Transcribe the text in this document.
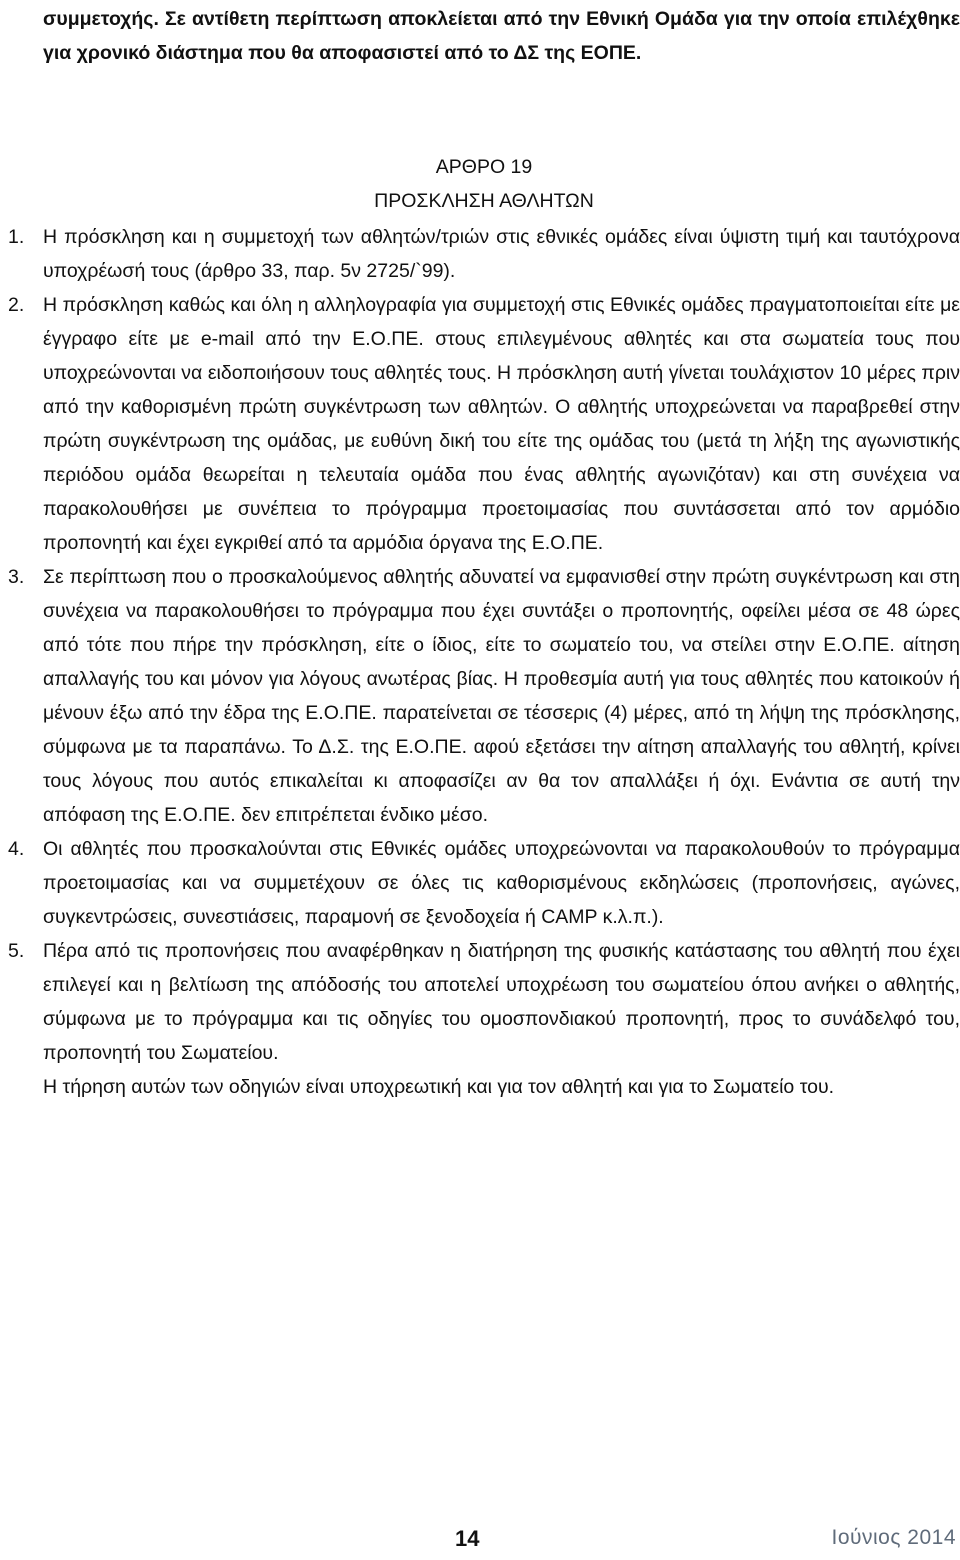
συμμετοχής. Σε αντίθετη περίπτωση αποκλείεται από την Εθνική Ομάδα για την οποία επιλέχθηκε για χρονικό διάστημα που θα αποφασιστεί από το ΔΣ της ΕΟΠΕ.

ΑΡΘΡΟ 19

ΠΡΟΣΚΛΗΣΗ ΑΘΛΗΤΩΝ

1. Η πρόσκληση και η συμμετοχή των αθλητών/τριών στις εθνικές ομάδες είναι ύψιστη τιμή και ταυτόχρονα υποχρέωσή τους (άρθρο 33, παρ. 5ν 2725/`99).

2. Η πρόσκληση καθώς και όλη η αλληλογραφία για συμμετοχή στις Εθνικές ομάδες πραγματοποιείται είτε με έγγραφο είτε με e-mail από την Ε.Ο.ΠΕ. στους επιλεγμένους αθλητές και στα σωματεία τους που υποχρεώνονται να ειδοποιήσουν τους αθλητές τους. Η πρόσκληση αυτή γίνεται τουλάχιστον 10 μέρες πριν από την καθορισμένη πρώτη συγκέντρωση των αθλητών. Ο αθλητής υποχρεώνεται να παραβρεθεί στην πρώτη συγκέντρωση της ομάδας, με ευθύνη δική του είτε της ομάδας του (μετά τη λήξη της αγωνιστικής περιόδου ομάδα θεωρείται η τελευταία ομάδα που ένας αθλητής αγωνιζόταν) και στη συνέχεια να παρακολουθήσει με συνέπεια το πρόγραμμα προετοιμασίας που συντάσσεται από τον αρμόδιο προπονητή και έχει εγκριθεί από τα αρμόδια όργανα της Ε.Ο.ΠΕ.

3. Σε περίπτωση που ο προσκαλούμενος αθλητής αδυνατεί να εμφανισθεί στην πρώτη συγκέντρωση και στη συνέχεια να παρακολουθήσει το πρόγραμμα που έχει συντάξει ο προπονητής, οφείλει μέσα σε 48 ώρες από τότε που πήρε την πρόσκληση, είτε ο ίδιος, είτε το σωματείο του, να στείλει στην Ε.Ο.ΠΕ. αίτηση απαλλαγής του και μόνον για λόγους ανωτέρας βίας. Η προθεσμία αυτή για τους αθλητές που κατοικούν ή μένουν έξω από την έδρα της Ε.Ο.ΠΕ. παρατείνεται σε τέσσερις (4) μέρες, από τη λήψη της πρόσκλησης, σύμφωνα με τα παραπάνω. Το Δ.Σ. της Ε.Ο.ΠΕ. αφού εξετάσει την αίτηση απαλλαγής του αθλητή, κρίνει τους λόγους που αυτός επικαλείται κι αποφασίζει αν θα τον απαλλάξει ή όχι. Ενάντια σε αυτή την απόφαση της Ε.Ο.ΠΕ. δεν επιτρέπεται ένδικο μέσο.

4. Οι αθλητές που προσκαλούνται στις Εθνικές ομάδες υποχρεώνονται να παρακολουθούν το πρόγραμμα προετοιμασίας και να συμμετέχουν σε όλες τις καθορισμένους εκδηλώσεις (προπονήσεις, αγώνες, συγκεντρώσεις, συνεστιάσεις, παραμονή σε ξενοδοχεία ή CAMP κ.λ.π.).

5. Πέρα από τις προπονήσεις που αναφέρθηκαν η διατήρηση της φυσικής κατάστασης του αθλητή που έχει επιλεγεί και η βελτίωση της απόδοσής του αποτελεί υποχρέωση του σωματείου όπου ανήκει ο αθλητής, σύμφωνα με το πρόγραμμα και τις οδηγίες του ομοσπονδιακού προπονητή, προς το συνάδελφό του, προπονητή του Σωματείου.

Η τήρηση αυτών των οδηγιών είναι υποχρεωτική και για τον αθλητή και για το Σωματείο του.

14	Ιούνιος 2014
